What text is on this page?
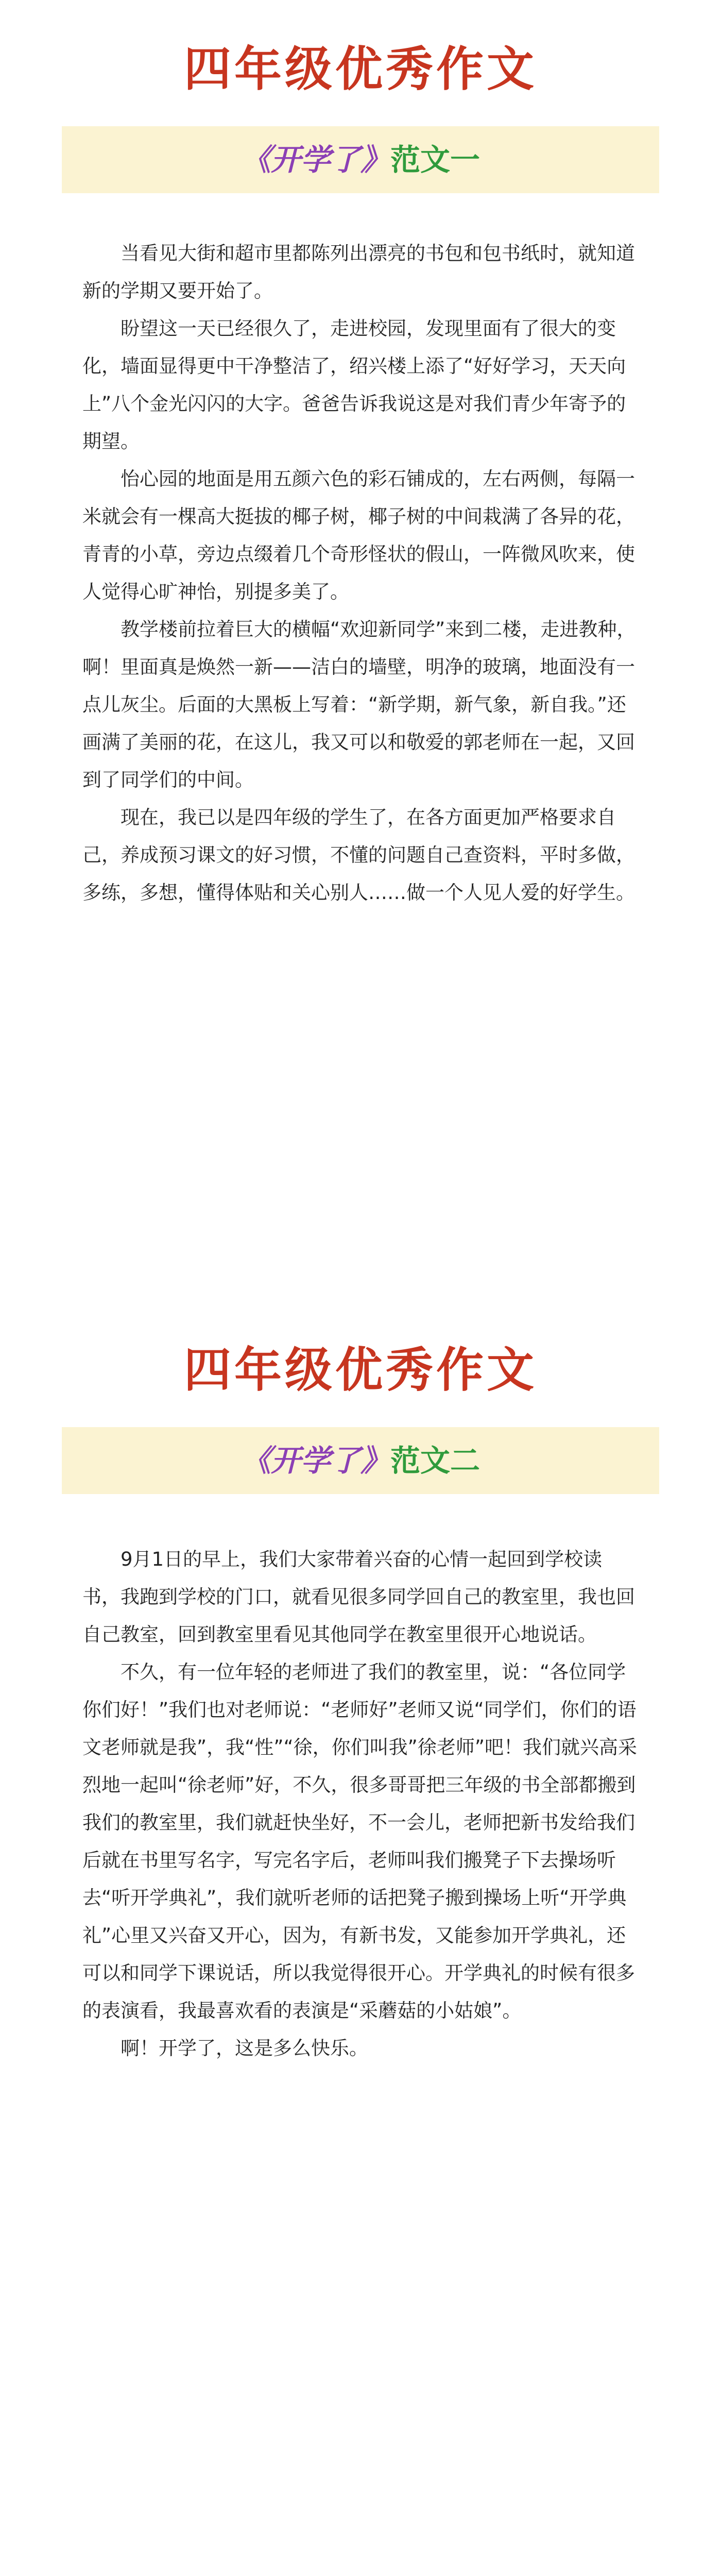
四年级优秀作文
《开学了》范文一

当看见大街和超市里都陈列出漂亮的书包和包书纸时，就知道新的学期又要开始了。

盼望这一天已经很久了，走进校园，发现里面有了很大的变化，墙面显得更中干净整洁了，绍兴楼上添了“好好学习，天天向上”八个金光闪闪的大字。爸爸告诉我说这是对我们青少年寄予的期望。

怡心园的地面是用五颜六色的彩石铺成的，左右两侧，每隔一米就会有一棵高大挺拔的椰子树，椰子树的中间栽满了各异的花，青青的小草，旁边点缀着几个奇形怪状的假山，一阵微风吹来，使人觉得心旷神怡，别提多美了。

教学楼前拉着巨大的横幅“欢迎新同学”来到二楼，走进教种，啊！里面真是焕然一新——洁白的墙壁，明净的玻璃，地面没有一点儿灰尘。后面的大黑板上写着：“新学期，新气象，新自我。”还画满了美丽的花，在这儿，我又可以和敬爱的郭老师在一起，又回到了同学们的中间。

现在，我已以是四年级的学生了，在各方面更加严格要求自己，养成预习课文的好习惯，不懂的问题自己查资料，平时多做，多练，多想，懂得体贴和关心别人……做一个人见人爱的好学生。

四年级优秀作文
《开学了》范文二

9月1日的早上，我们大家带着兴奋的心情一起回到学校读书，我跑到学校的门口，就看见很多同学回自己的教室里，我也回自己教室，回到教室里看见其他同学在教室里很开心地说话。

不久，有一位年轻的老师进了我们的教室里，说：“各位同学你们好！”我们也对老师说：“老师好”老师又说“同学们，你们的语文老师就是我”，我“性”“徐，你们叫我”徐老师”吧！我们就兴高采烈地一起叫“徐老师”好，不久，很多哥哥把三年级的书全部都搬到我们的教室里，我们就赶快坐好，不一会儿，老师把新书发给我们后就在书里写名字，写完名字后，老师叫我们搬凳子下去操场听去“听开学典礼”，我们就听老师的话把凳子搬到操场上听“开学典礼”心里又兴奋又开心，因为，有新书发，又能参加开学典礼，还可以和同学下课说话，所以我觉得很开心。开学典礼的时候有很多的表演看，我最喜欢看的表演是“采蘑菇的小姑娘”。

啊！开学了，这是多么快乐。
